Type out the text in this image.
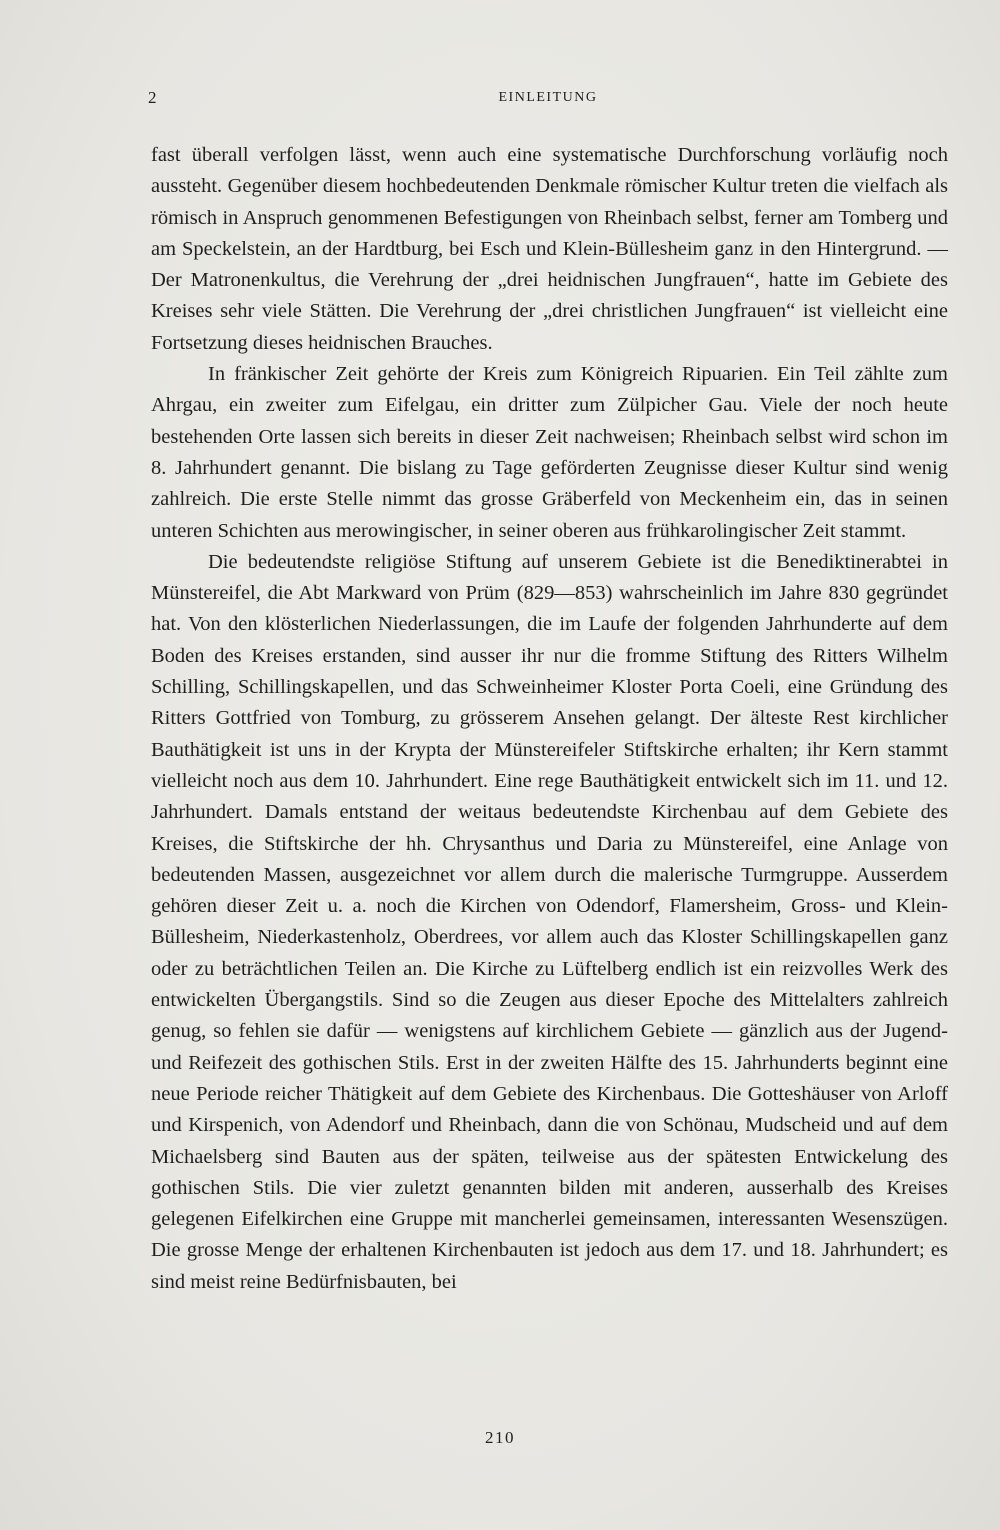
2	EINLEITUNG

fast überall verfolgen lässt, wenn auch eine systematische Durchforschung vorläufig noch aussteht. Gegenüber diesem hochbedeutenden Denkmale römischer Kultur treten die vielfach als römisch in Anspruch genommenen Befestigungen von Rheinbach selbst, ferner am Tomberg und am Speckelstein, an der Hardtburg, bei Esch und Klein-Büllesheim ganz in den Hintergrund. — Der Matronenkultus, die Verehrung der „drei heidnischen Jungfrauen“, hatte im Gebiete des Kreises sehr viele Stätten. Die Verehrung der „drei christlichen Jungfrauen“ ist vielleicht eine Fortsetzung dieses heidnischen Brauches.

In fränkischer Zeit gehörte der Kreis zum Königreich Ripuarien. Ein Teil zählte zum Ahrgau, ein zweiter zum Eifelgau, ein dritter zum Zülpicher Gau. Viele der noch heute bestehenden Orte lassen sich bereits in dieser Zeit nachweisen; Rheinbach selbst wird schon im 8. Jahrhundert genannt. Die bislang zu Tage geförderten Zeugnisse dieser Kultur sind wenig zahlreich. Die erste Stelle nimmt das grosse Gräberfeld von Meckenheim ein, das in seinen unteren Schichten aus merowingischer, in seiner oberen aus frühkarolingischer Zeit stammt.

Die bedeutendste religiöse Stiftung auf unserem Gebiete ist die Benediktinerabtei in Münstereifel, die Abt Markward von Prüm (829—853) wahrscheinlich im Jahre 830 gegründet hat. Von den klösterlichen Niederlassungen, die im Laufe der folgenden Jahrhunderte auf dem Boden des Kreises erstanden, sind ausser ihr nur die fromme Stiftung des Ritters Wilhelm Schilling, Schillingskapellen, und das Schweinheimer Kloster Porta Coeli, eine Gründung des Ritters Gottfried von Tomburg, zu grösserem Ansehen gelangt. Der älteste Rest kirchlicher Bauthätigkeit ist uns in der Krypta der Münstereifeler Stiftskirche erhalten; ihr Kern stammt vielleicht noch aus dem 10. Jahrhundert. Eine rege Bauthätigkeit entwickelt sich im 11. und 12. Jahrhundert. Damals entstand der weitaus bedeutendste Kirchenbau auf dem Gebiete des Kreises, die Stiftskirche der hh. Chrysanthus und Daria zu Münstereifel, eine Anlage von bedeutenden Massen, ausgezeichnet vor allem durch die malerische Turmgruppe. Ausserdem gehören dieser Zeit u. a. noch die Kirchen von Odendorf, Flamersheim, Gross- und Klein-Büllesheim, Niederkastenholz, Oberdrees, vor allem auch das Kloster Schillingskapellen ganz oder zu beträchtlichen Teilen an. Die Kirche zu Lüftelberg endlich ist ein reizvolles Werk des entwickelten Übergangstils. Sind so die Zeugen aus dieser Epoche des Mittelalters zahlreich genug, so fehlen sie dafür — wenigstens auf kirchlichem Gebiete — gänzlich aus der Jugend- und Reifezeit des gothischen Stils. Erst in der zweiten Hälfte des 15. Jahrhunderts beginnt eine neue Periode reicher Thätigkeit auf dem Gebiete des Kirchenbaus. Die Gotteshäuser von Arloff und Kirspenich, von Adendorf und Rheinbach, dann die von Schönau, Mudscheid und auf dem Michaelsberg sind Bauten aus der späten, teilweise aus der spätesten Entwickelung des gothischen Stils. Die vier zuletzt genannten bilden mit anderen, ausserhalb des Kreises gelegenen Eifelkirchen eine Gruppe mit mancherlei gemeinsamen, interessanten Wesenszügen. Die grosse Menge der erhaltenen Kirchenbauten ist jedoch aus dem 17. und 18. Jahrhundert; es sind meist reine Bedürfnisbauten, bei

210
